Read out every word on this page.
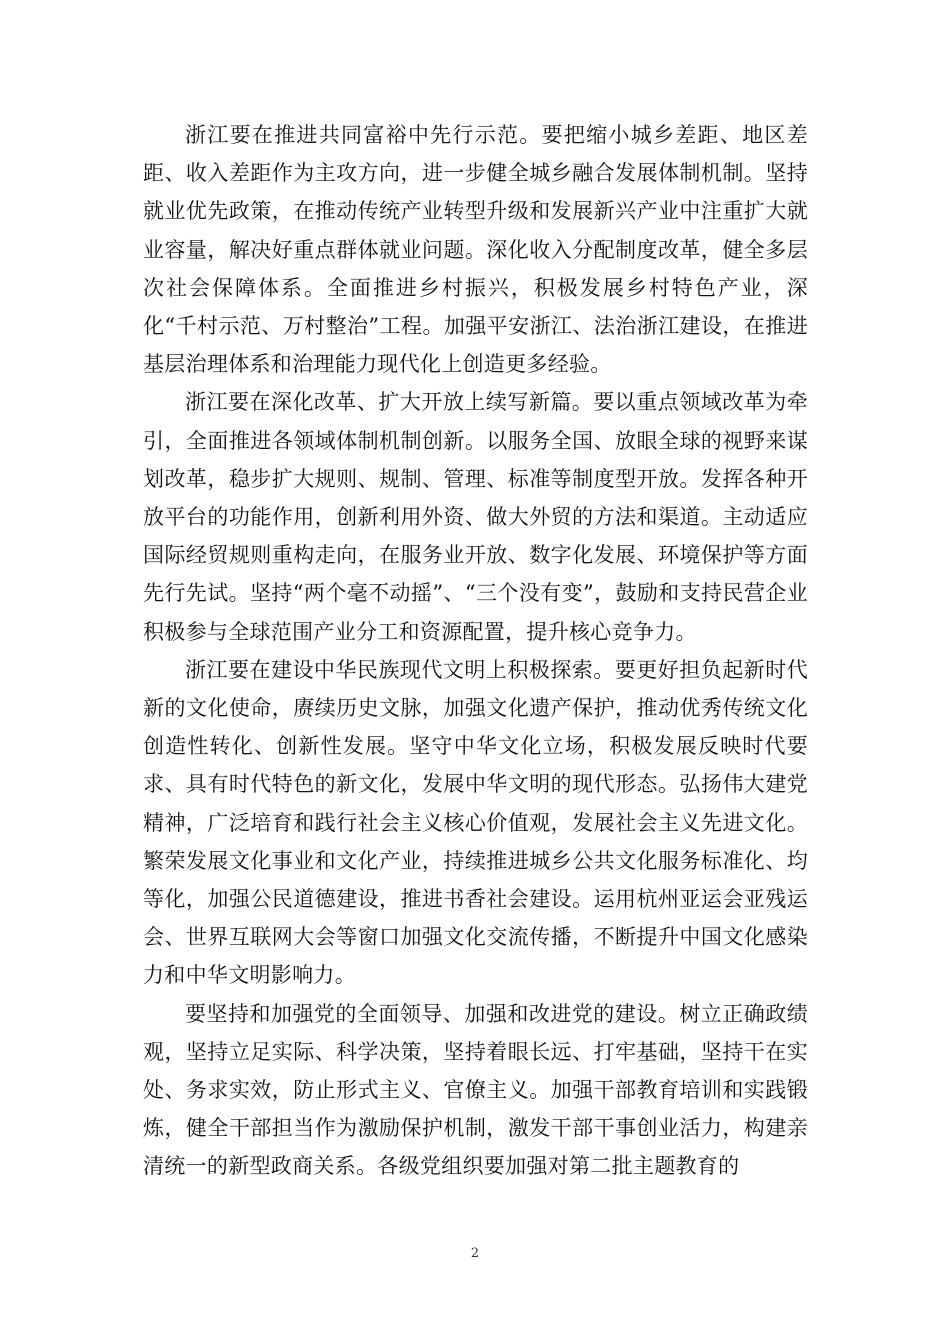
浙江要在推进共同富裕中先行示范。要把缩小城乡差距、地区差距、收入差距作为主攻方向，进一步健全城乡融合发展体制机制。坚持就业优先政策，在推动传统产业转型升级和发展新兴产业中注重扩大就业容量，解决好重点群体就业问题。深化收入分配制度改革，健全多层次社会保障体系。全面推进乡村振兴，积极发展乡村特色产业，深化“千村示范、万村整治”工程。加强平安浙江、法治浙江建设，在推进基层治理体系和治理能力现代化上创造更多经验。

浙江要在深化改革、扩大开放上续写新篇。要以重点领域改革为牵引，全面推进各领域体制机制创新。以服务全国、放眼全球的视野来谋划改革，稳步扩大规则、规制、管理、标准等制度型开放。发挥各种开放平台的功能作用，创新利用外资、做大外贸的方法和渠道。主动适应国际经贸规则重构走向，在服务业开放、数字化发展、环境保护等方面先行先试。坚持“两个毫不动摇”、“三个没有变”，鼓励和支持民营企业积极参与全球范围产业分工和资源配置，提升核心竞争力。

浙江要在建设中华民族现代文明上积极探索。要更好担负起新时代新的文化使命，赓续历史文脉，加强文化遗产保护，推动优秀传统文化创造性转化、创新性发展。坚守中华文化立场，积极发展反映时代要求、具有时代特色的新文化，发展中华文明的现代形态。弘扬伟大建党精神，广泛培育和践行社会主义核心价值观，发展社会主义先进文化。繁荣发展文化事业和文化产业，持续推进城乡公共文化服务标准化、均等化，加强公民道德建设，推进书香社会建设。运用杭州亚运会亚残运会、世界互联网大会等窗口加强文化交流传播，不断提升中国文化感染力和中华文明影响力。

要坚持和加强党的全面领导、加强和改进党的建设。树立正确政绩观，坚持立足实际、科学决策，坚持着眼长远、打牢基础，坚持干在实处、务求实效，防止形式主义、官僚主义。加强干部教育培训和实践锻炼，健全干部担当作为激励保护机制，激发干部干事创业活力，构建亲清统一的新型政商关系。各级党组织要加强对第二批主题教育的

2
